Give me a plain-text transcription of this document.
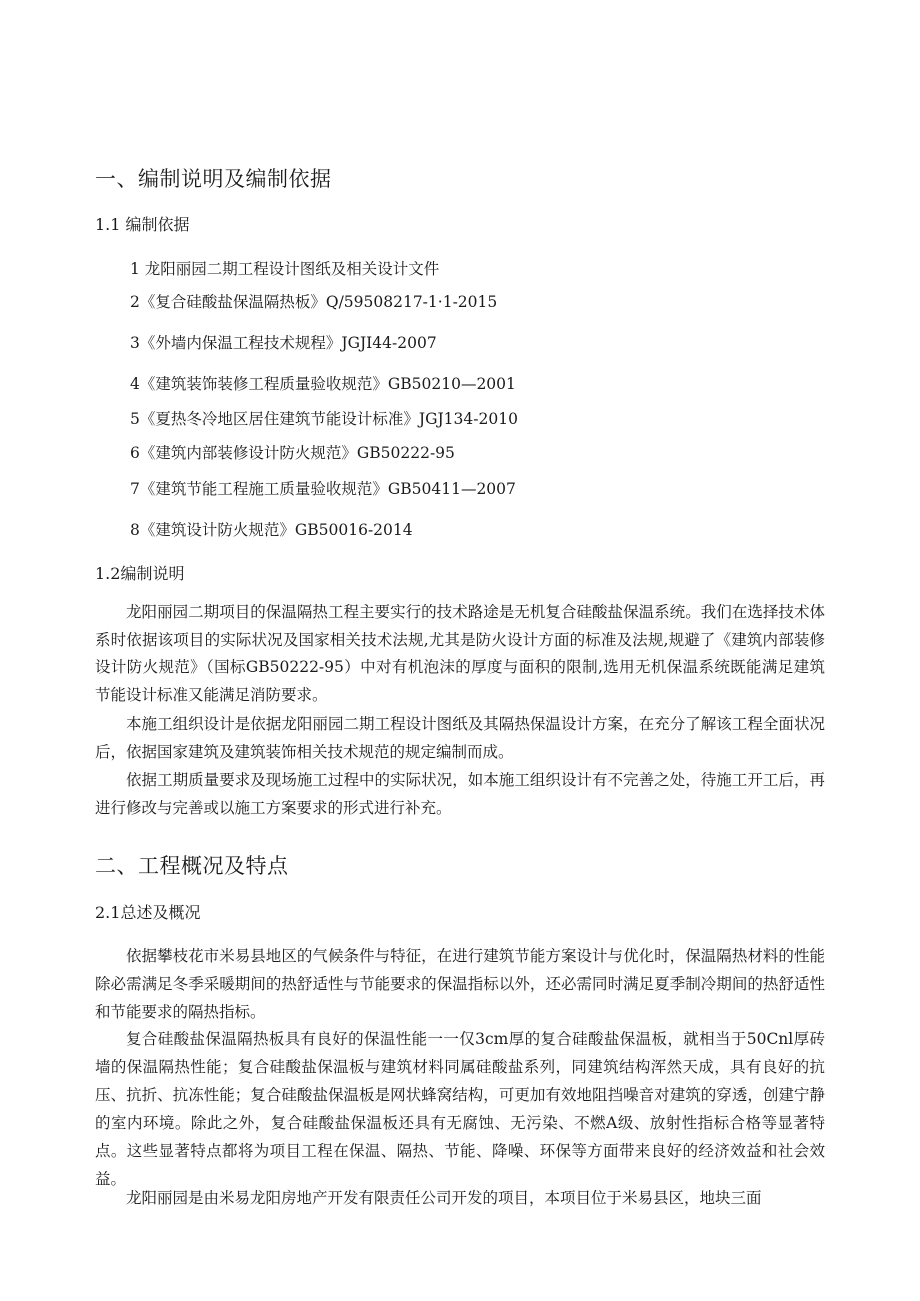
一、编制说明及编制依据
1.1 编制依据
1 龙阳丽园二期工程设计图纸及相关设计文件
2《复合硅酸盐保温隔热板》Q/59508217-1·1-2015
3《外墙内保温工程技术规程》JGJI44-2007
4《建筑装饰装修工程质量验收规范》GB50210—2001
5《夏热冬冷地区居住建筑节能设计标准》JGJ134-2010
6《建筑内部装修设计防火规范》GB50222-95
7《建筑节能工程施工质量验收规范》GB50411—2007
8《建筑设计防火规范》GB50016-2014
1.2编制说明
龙阳丽园二期项目的保温隔热工程主要实行的技术路途是无机复合硅酸盐保温系统。我们在选择技术体系时依据该项目的实际状况及国家相关技术法规,尤其是防火设计方面的标准及法规,规避了《建筑内部装修设计防火规范》（国标GB50222-95）中对有机泡沫的厚度与面积的限制,选用无机保温系统既能满足建筑节能设计标准又能满足消防要求。
本施工组织设计是依据龙阳丽园二期工程设计图纸及其隔热保温设计方案，在充分了解该工程全面状况后，依据国家建筑及建筑装饰相关技术规范的规定编制而成。
依据工期质量要求及现场施工过程中的实际状况，如本施工组织设计有不完善之处，待施工开工后，再进行修改与完善或以施工方案要求的形式进行补充。
二、工程概况及特点
2.1总述及概况
依据攀枝花市米易县地区的气候条件与特征，在进行建筑节能方案设计与优化时，保温隔热材料的性能除必需满足冬季采暖期间的热舒适性与节能要求的保温指标以外，还必需同时满足夏季制冷期间的热舒适性和节能要求的隔热指标。
复合硅酸盐保温隔热板具有良好的保温性能一一仅3cm厚的复合硅酸盐保温板，就相当于50Cnl厚砖墙的保温隔热性能；复合硅酸盐保温板与建筑材料同属硅酸盐系列，同建筑结构浑然天成，具有良好的抗压、抗折、抗冻性能；复合硅酸盐保温板是网状蜂窝结构，可更加有效地阻挡噪音对建筑的穿透，创建宁静的室内环境。除此之外，复合硅酸盐保温板还具有无腐蚀、无污染、不燃A级、放射性指标合格等显著特点。这些显著特点都将为项目工程在保温、隔热、节能、降噪、环保等方面带来良好的经济效益和社会效益。
龙阳丽园是由米易龙阳房地产开发有限责任公司开发的项目，本项目位于米易县区，地块三面
